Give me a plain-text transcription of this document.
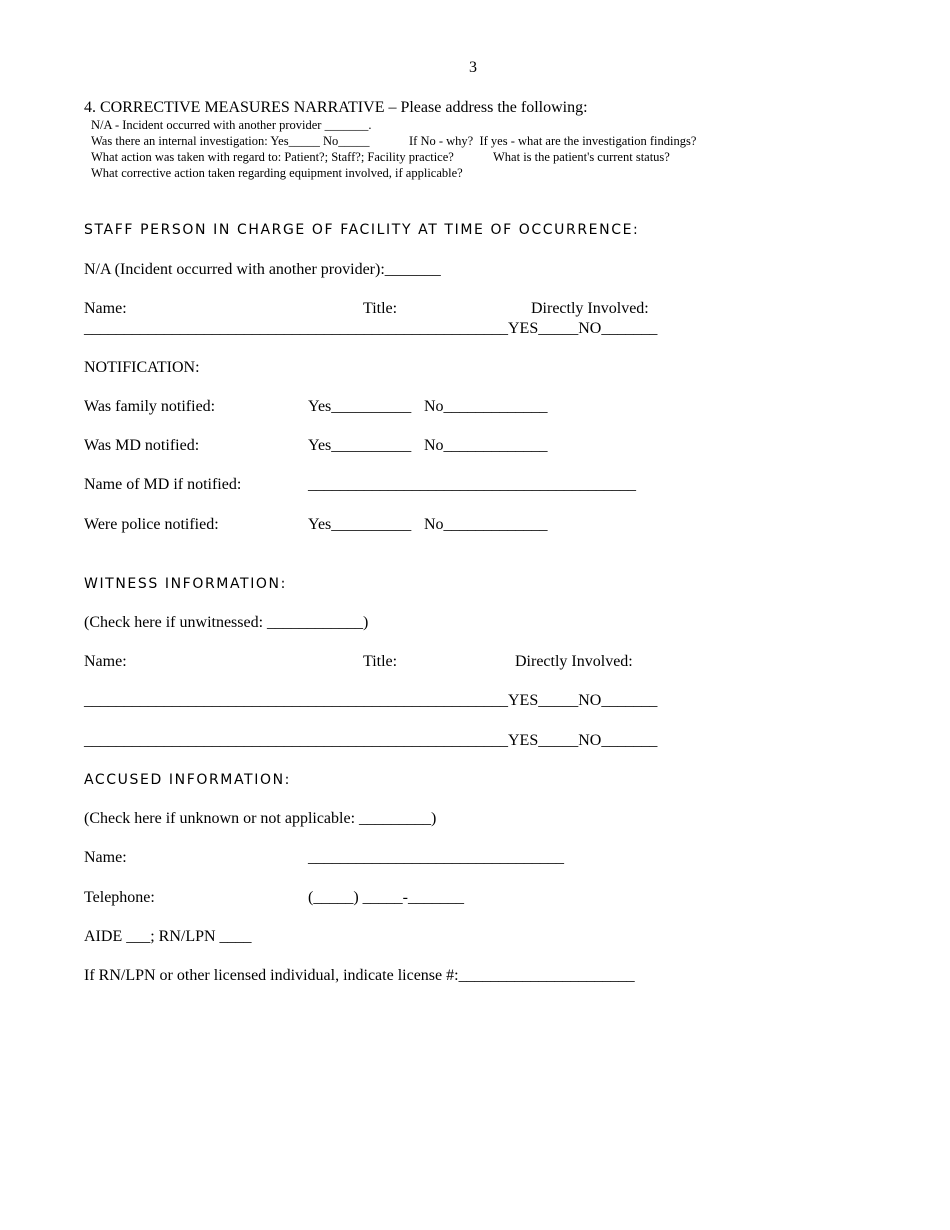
3
4. CORRECTIVE MEASURES NARRATIVE – Please address the following:
N/A - Incident occurred with another provider _______.
Was there an internal investigation: Yes_____ No_____	If No - why?  If yes - what are the investigation findings?
What action was taken with regard to: Patient?; Staff?; Facility practice?	What is the patient's current status?
What corrective action taken regarding equipment involved, if applicable?
STAFF PERSON IN CHARGE OF FACILITY AT TIME OF OCCURRENCE:
N/A (Incident occurred with another provider):_______
Name:	Title:	Directly Involved:
_____________________________________________________YES_____NO_______
NOTIFICATION:
Was family notified:	Yes__________ No_____________
Was MD notified:	Yes__________ No_____________
Name of MD if notified:	_________________________________________
Were police notified:	Yes__________ No_____________
WITNESS INFORMATION:
(Check here if unwitnessed: ____________)
Name:	Title:	Directly Involved:
_____________________________________________________YES_____NO_______
_____________________________________________________YES_____NO_______
ACCUSED INFORMATION:
(Check here if unknown or not applicable: _________)
Name:	________________________________
Telephone:	(_____) _____-_______
AIDE ___; RN/LPN ____
If RN/LPN or other licensed individual, indicate license #:______________________
